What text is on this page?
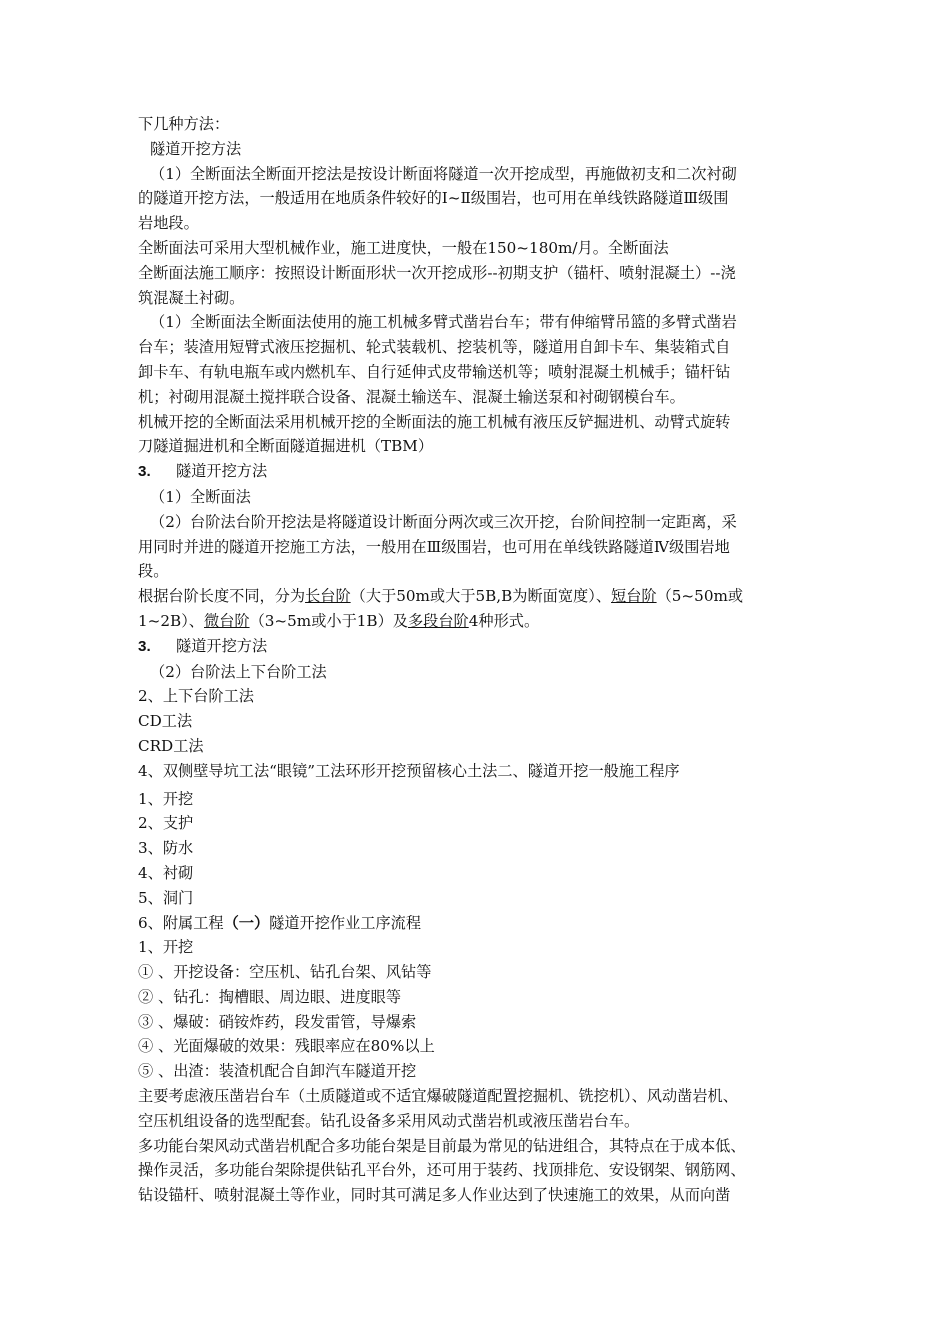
下几种方法：

隧道开挖方法

（1）全断面法全断面开挖法是按设计断面将隧道一次开挖成型，再施做初支和二次衬砌

的隧道开挖方法，一般适用在地质条件较好的Ⅰ~Ⅱ级围岩，也可用在单线铁路隧道Ⅲ级围

岩地段。

全断面法可采用大型机械作业，施工进度快，一般在150~180m/月。全断面法

全断面法施工顺序：按照设计断面形状一次开挖成形--初期支护（锚杆、喷射混凝土）--浇

筑混凝土衬砌。

（1）全断面法全断面法使用的施工机械多臂式凿岩台车；带有伸缩臂吊篮的多臂式凿岩

台车；装渣用短臂式液压挖掘机、轮式装载机、挖装机等，隧道用自卸卡车、集装箱式自

卸卡车、有轨电瓶车或内燃机车、自行延伸式皮带输送机等；喷射混凝土机械手；锚杆钻

机；衬砌用混凝土搅拌联合设备、混凝土输送车、混凝土输送泵和衬砌钢模台车。

机械开挖的全断面法采用机械开挖的全断面法的施工机械有液压反铲掘进机、动臂式旋转

刀隧道掘进机和全断面隧道掘进机（TBM）

3. 隧道开挖方法

（1）全断面法

（2）台阶法台阶开挖法是将隧道设计断面分两次或三次开挖，台阶间控制一定距离，采

用同时并进的隧道开挖施工方法，一般用在Ⅲ级围岩，也可用在单线铁路隧道Ⅳ级围岩地

段。

根据台阶长度不同，分为长台阶（大于50m或大于5B,B为断面宽度）、短台阶（5~50m或

1~2B）、微台阶（3~5m或小于1B）及多段台阶4种形式。

3. 隧道开挖方法

（2）台阶法上下台阶工法

2、上下台阶工法

CD工法

CRD工法

4、双侧壁导坑工法“眼镜”工法环形开挖预留核心土法二、隧道开挖一般施工程序

1、开挖

2、支护

3、防水

4、衬砌

5、洞门

6、附属工程（一）隧道开挖作业工序流程

1、开挖

① 、开挖设备：空压机、钻孔台架、风钻等

② 、钻孔：掏槽眼、周边眼、进度眼等

③ 、爆破：硝铵炸药，段发雷管，导爆索

④ 、光面爆破的效果：残眼率应在80%以上

⑤ 、出渣：装渣机配合自卸汽车隧道开挖

主要考虑液压凿岩台车（土质隧道或不适宜爆破隧道配置挖掘机、铣挖机）、风动凿岩机、

空压机组设备的选型配套。钻孔设备多采用风动式凿岩机或液压凿岩台车。

多功能台架风动式凿岩机配合多功能台架是目前最为常见的钻进组合，其特点在于成本低、

操作灵活，多功能台架除提供钻孔平台外，还可用于装药、找顶排危、安设钢架、钢筋网、

钻设锚杆、喷射混凝土等作业，同时其可满足多人作业达到了快速施工的效果，从而向凿
